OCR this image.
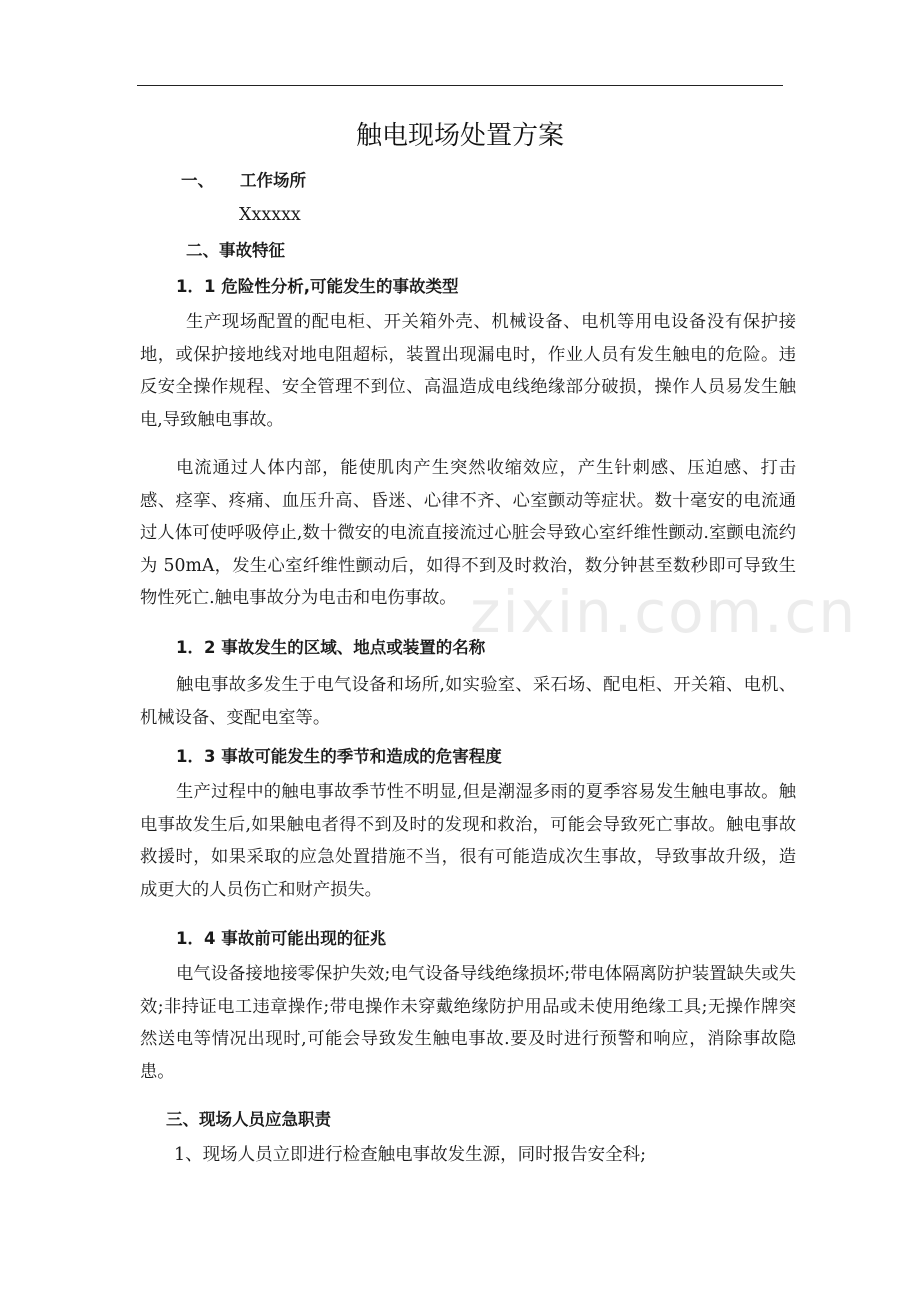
zixin.com.cn
触电现场处置方案
一、 工作场所
Xxxxxx
二、事故特征
1．1 危险性分析,可能发生的事故类型
生产现场配置的配电柜、开关箱外壳、机械设备、电机等用电设备没有保护接地，或保护接地线对地电阻超标，装置出现漏电时，作业人员有发生触电的危险。违反安全操作规程、安全管理不到位、高温造成电线绝缘部分破损，操作人员易发生触电,导致触电事故。
电流通过人体内部，能使肌肉产生突然收缩效应，产生针刺感、压迫感、打击感、痉挛、疼痛、血压升高、昏迷、心律不齐、心室颤动等症状。数十毫安的电流通过人体可使呼吸停止,数十微安的电流直接流过心脏会导致心室纤维性颤动.室颤电流约为 50mA，发生心室纤维性颤动后，如得不到及时救治，数分钟甚至数秒即可导致生物性死亡.触电事故分为电击和电伤事故。
1．2 事故发生的区域、地点或装置的名称
触电事故多发生于电气设备和场所,如实验室、采石场、配电柜、开关箱、电机、机械设备、变配电室等。
1．3 事故可能发生的季节和造成的危害程度
生产过程中的触电事故季节性不明显,但是潮湿多雨的夏季容易发生触电事故。触电事故发生后,如果触电者得不到及时的发现和救治，可能会导致死亡事故。触电事故救援时，如果采取的应急处置措施不当，很有可能造成次生事故，导致事故升级，造成更大的人员伤亡和财产损失。
1．4 事故前可能出现的征兆
电气设备接地接零保护失效;电气设备导线绝缘损坏;带电体隔离防护装置缺失或失效;非持证电工违章操作;带电操作未穿戴绝缘防护用品或未使用绝缘工具;无操作牌突然送电等情况出现时,可能会导致发生触电事故.要及时进行预警和响应，消除事故隐患。
三、现场人员应急职责
1、现场人员立即进行检查触电事故发生源，同时报告安全科;
